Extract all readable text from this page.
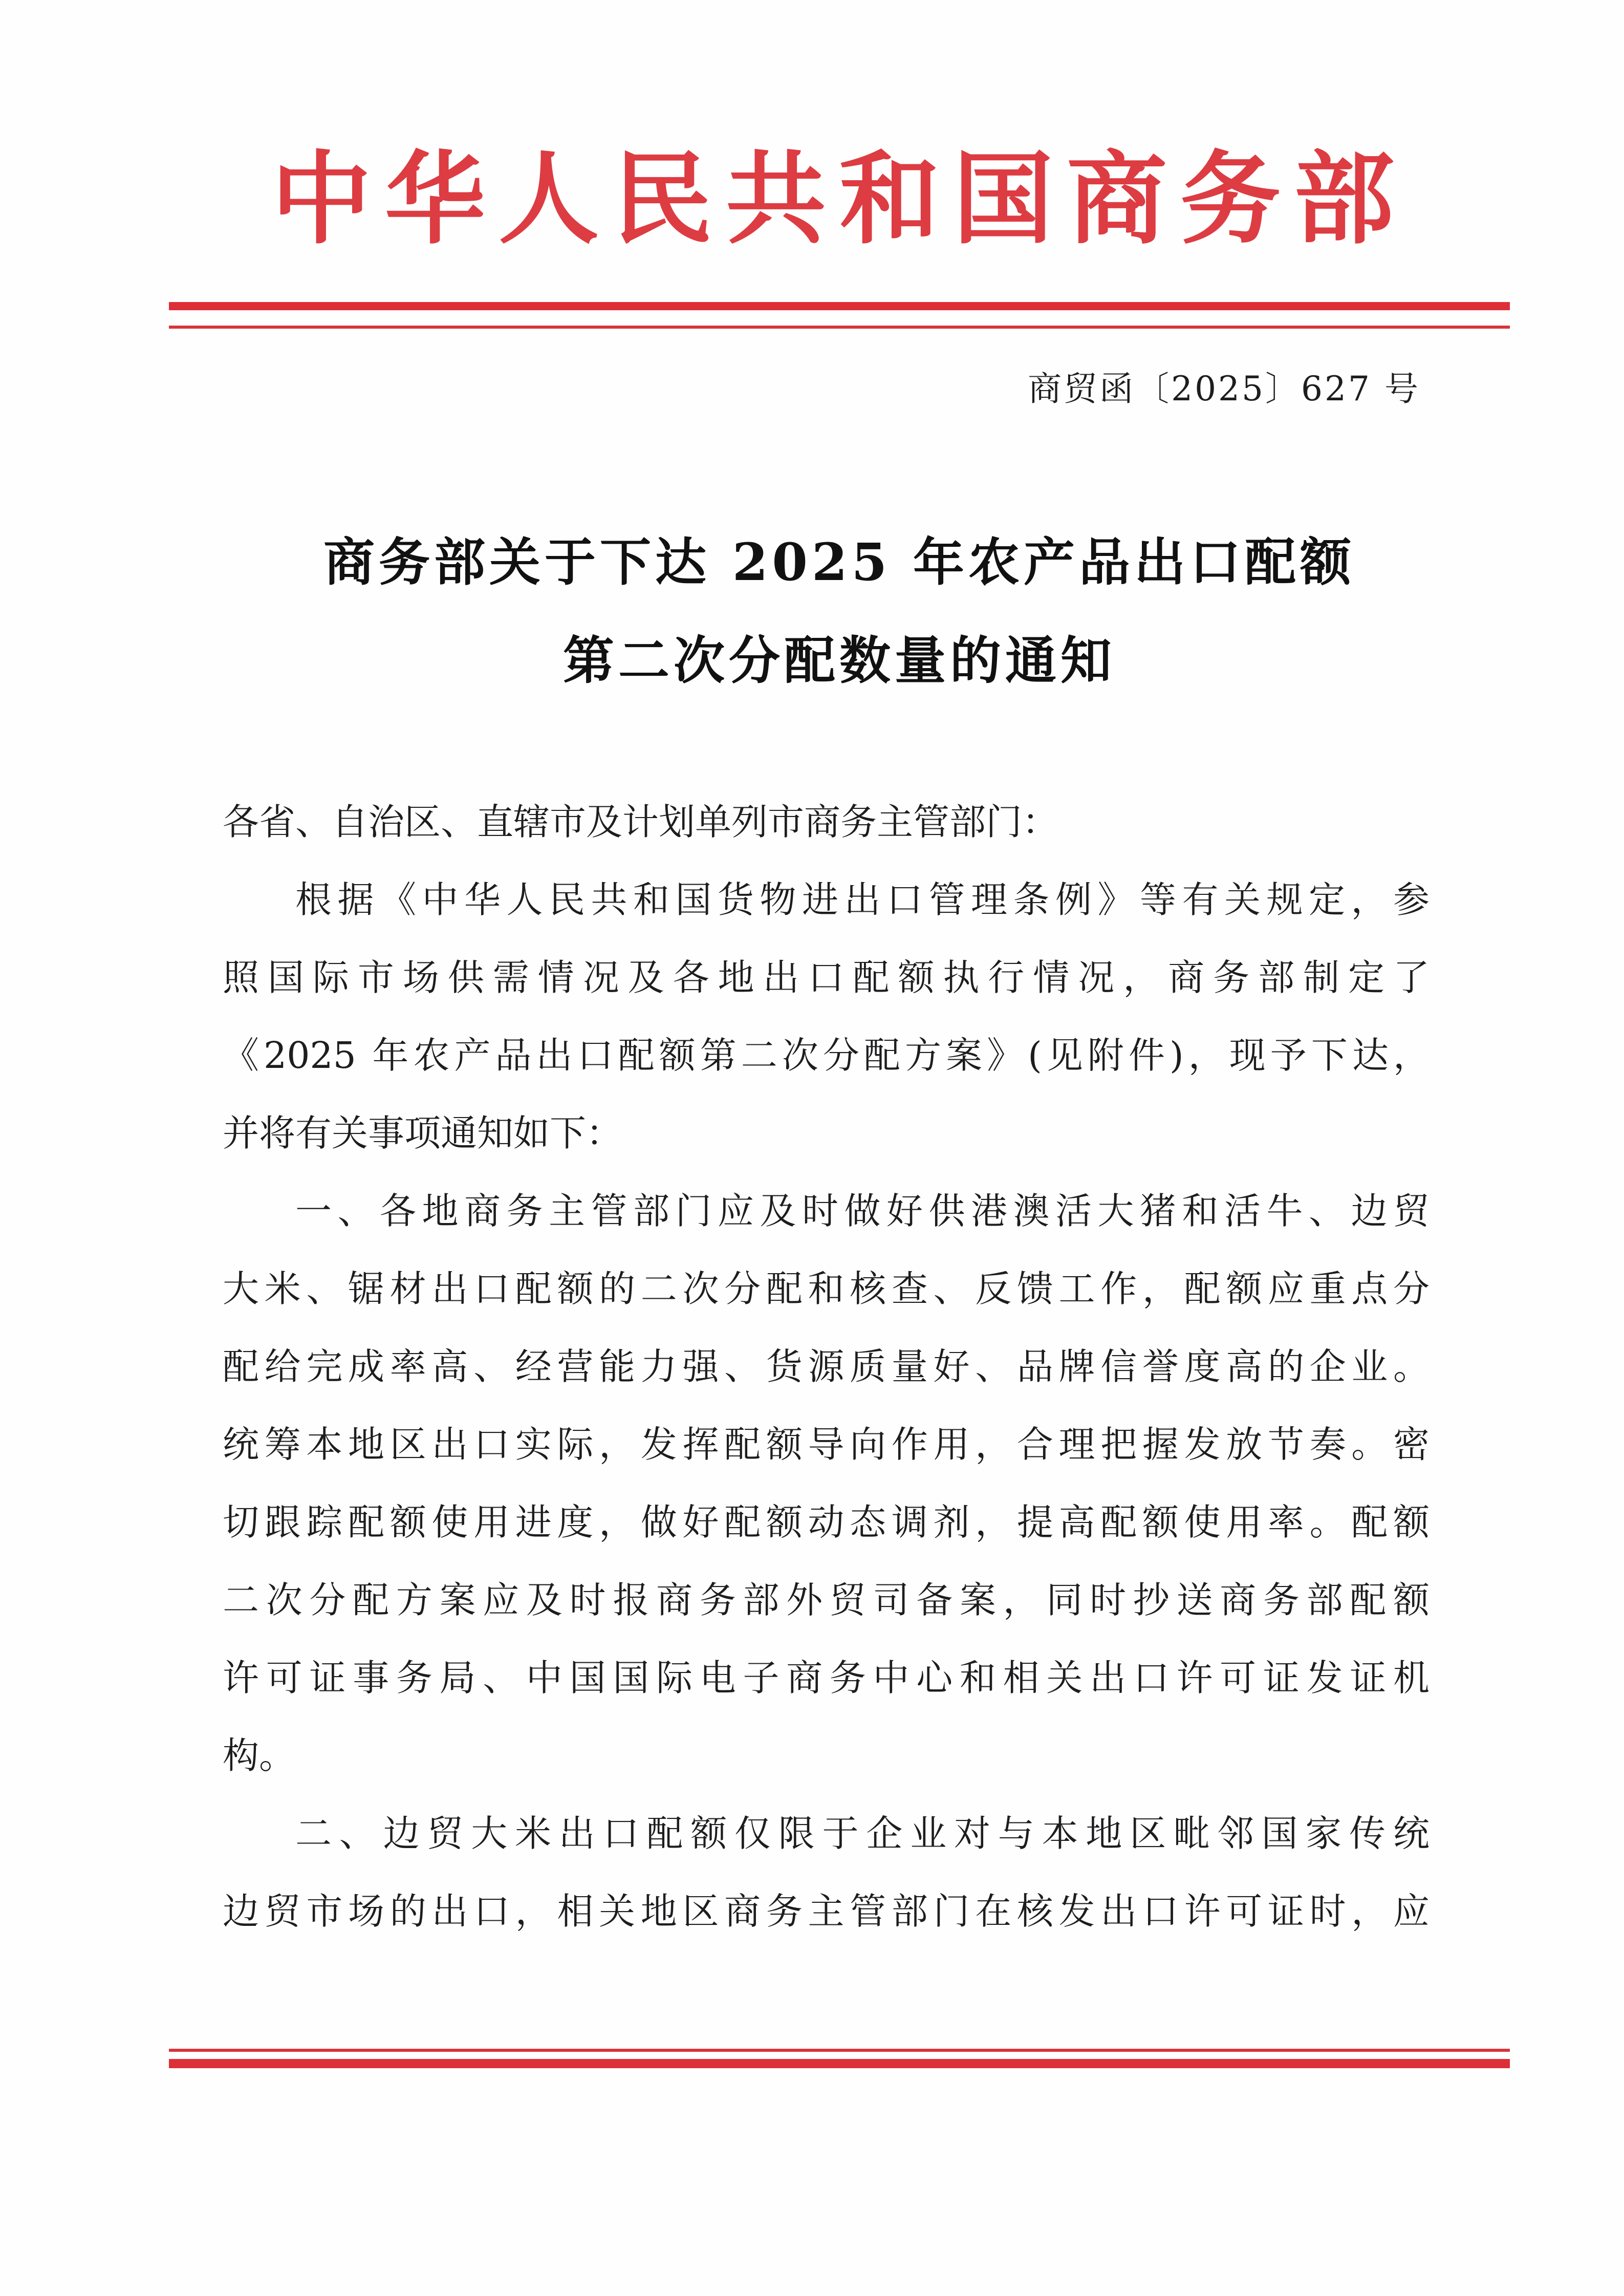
中华人民共和国商务部
商贸函〔2025〕627 号
商务部关于下达 2025 年农产品出口配额
第二次分配数量的通知
各省、自治区、直辖市及计划单列市商务主管部门：
根据《中华人民共和国货物进出口管理条例》等有关规定，参
照国际市场供需情况及各地出口配额执行情况，商务部制定了
《2025 年农产品出口配额第二次分配方案》(见附件)，现予下达，
并将有关事项通知如下：
一、各地商务主管部门应及时做好供港澳活大猪和活牛、边贸
大米、锯材出口配额的二次分配和核查、反馈工作，配额应重点分
配给完成率高、经营能力强、货源质量好、品牌信誉度高的企业。
统筹本地区出口实际，发挥配额导向作用，合理把握发放节奏。密
切跟踪配额使用进度，做好配额动态调剂，提高配额使用率。配额
二次分配方案应及时报商务部外贸司备案，同时抄送商务部配额
许可证事务局、中国国际电子商务中心和相关出口许可证发证机
构。
二、边贸大米出口配额仅限于企业对与本地区毗邻国家传统
边贸市场的出口，相关地区商务主管部门在核发出口许可证时，应
